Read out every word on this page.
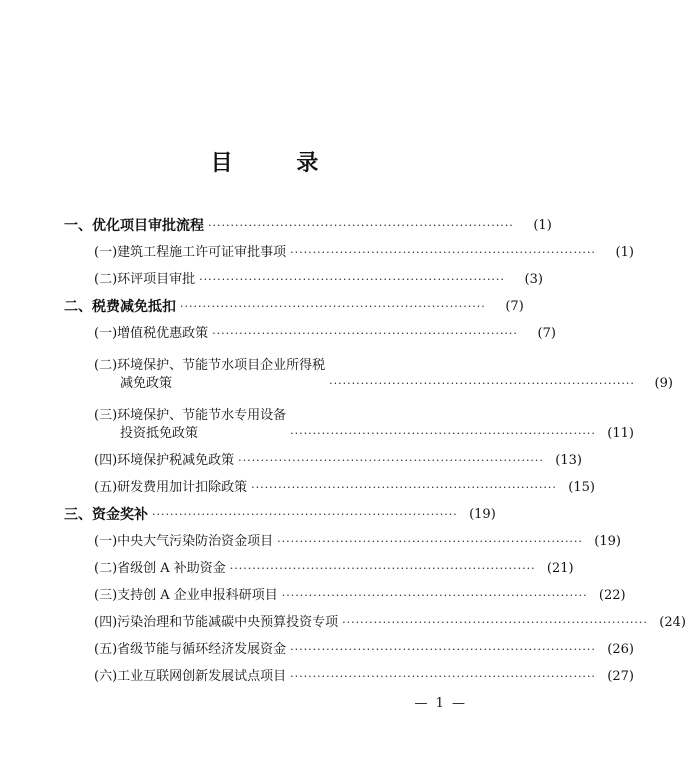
目 录
一、优化项目审批流程 ····································································	(1)
(一)建筑工程施工许可证审批事项 ····································································	(1)
(二)环评项目审批 ····································································	(3)
二、税费减免抵扣 ····································································	(7)
(一)增值税优惠政策 ····································································	(7)
(二)环境保护、节能节水项目企业所得税
减免政策	····································································	(9)
(三)环境保护、节能节水专用设备
投资抵免政策	···································································· (11)
(四)环境保护税减免政策 ···································································· (13)
(五)研发费用加计扣除政策 ···································································· (15)
三、资金奖补 ···································································· (19)
(一)中央大气污染防治资金项目 ···································································· (19)
(二)省级创 A 补助资金 ···································································· (21)
(三)支持创 A 企业申报科研项目 ···································································· (22)
(四)污染治理和节能减碳中央预算投资专项 ···································································· (24)
(五)省级节能与循环经济发展资金 ···································································· (26)
(六)工业互联网创新发展试点项目 ···································································· (27)
— 1 —
